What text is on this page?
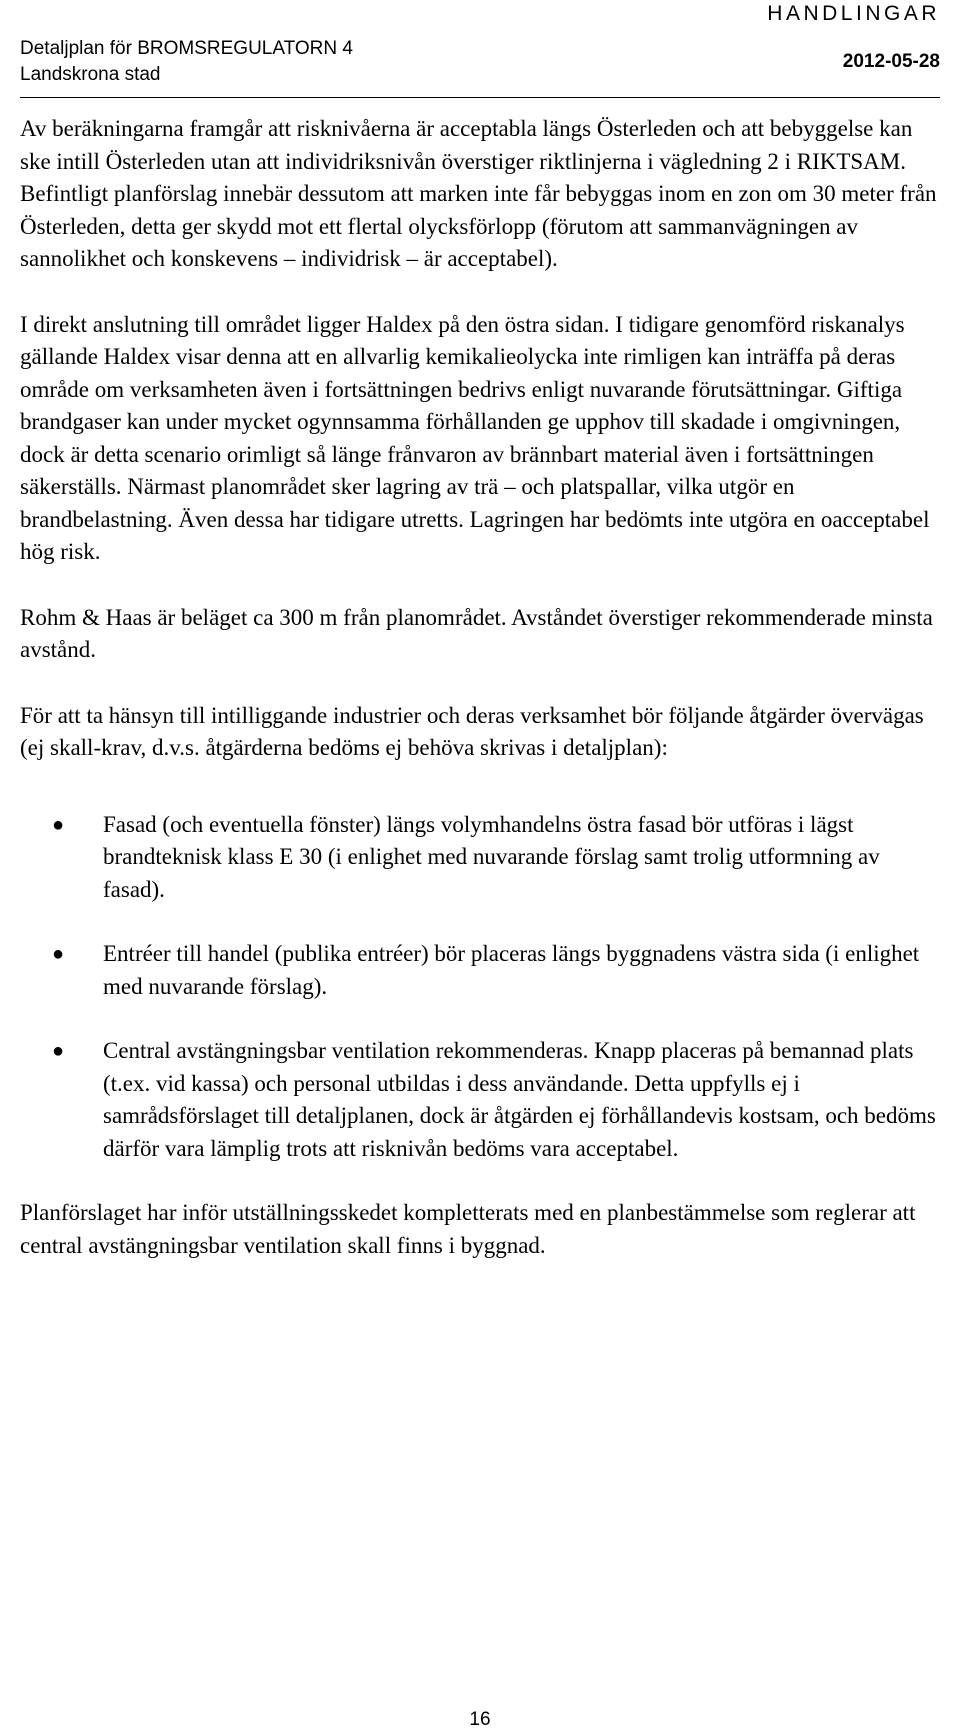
Detaljplan för BROMSREGULATORN 4
Landskrona stad
HANDLINGAR
2012-05-28

Av beräkningarna framgår att risknivåerna är acceptabla längs Österleden och att bebyggelse kan ske intill Österleden utan att individriksnivån överstiger riktlinjerna i vägledning 2 i RIKTSAM. Befintligt planförslag innebär dessutom att marken inte får bebyggas inom en zon om 30 meter från Österleden, detta ger skydd mot ett flertal olycksförlopp (förutom att sammanvägningen av sannolikhet och konskevens – individrisk – är acceptabel).

I direkt anslutning till området ligger Haldex på den östra sidan. I tidigare genomförd riskanalys gällande Haldex visar denna att en allvarlig kemikalieolycka inte rimligen kan inträffa på deras område om verksamheten även i fortsättningen bedrivs enligt nuvarande förutsättningar. Giftiga brandgaser kan under mycket ogynnsamma förhållanden ge upphov till skadade i omgivningen, dock är detta scenario orimligt så länge frånvaron av brännbart material även i fortsättningen säkerställs. Närmast planområdet sker lagring av trä – och platspallar, vilka utgör en brandbelastning. Även dessa har tidigare utretts. Lagringen har bedömts inte utgöra en oacceptabel hög risk.

Rohm & Haas är beläget ca 300 m från planområdet. Avståndet överstiger rekommenderade minsta avstånd.

För att ta hänsyn till intilliggande industrier och deras verksamhet bör följande åtgärder övervägas (ej skall-krav, d.v.s. åtgärderna bedöms ej behöva skrivas i detaljplan):

● Fasad (och eventuella fönster) längs volymhandelns östra fasad bör utföras i lägst brandteknisk klass E 30 (i enlighet med nuvarande förslag samt trolig utformning av fasad).
● Entréer till handel (publika entréer) bör placeras längs byggnadens västra sida (i enlighet med nuvarande förslag).
● Central avstängningsbar ventilation rekommenderas. Knapp placeras på bemannad plats (t.ex. vid kassa) och personal utbildas i dess användande. Detta uppfylls ej i samrådsförslaget till detaljplanen, dock är åtgärden ej förhållandevis kostsam, och bedöms därför vara lämplig trots att risknivån bedöms vara acceptabel.

Planförslaget har inför utställningsskedet kompletterats med en planbestämmelse som reglerar att central avstängningsbar ventilation skall finns i byggnad.

16
